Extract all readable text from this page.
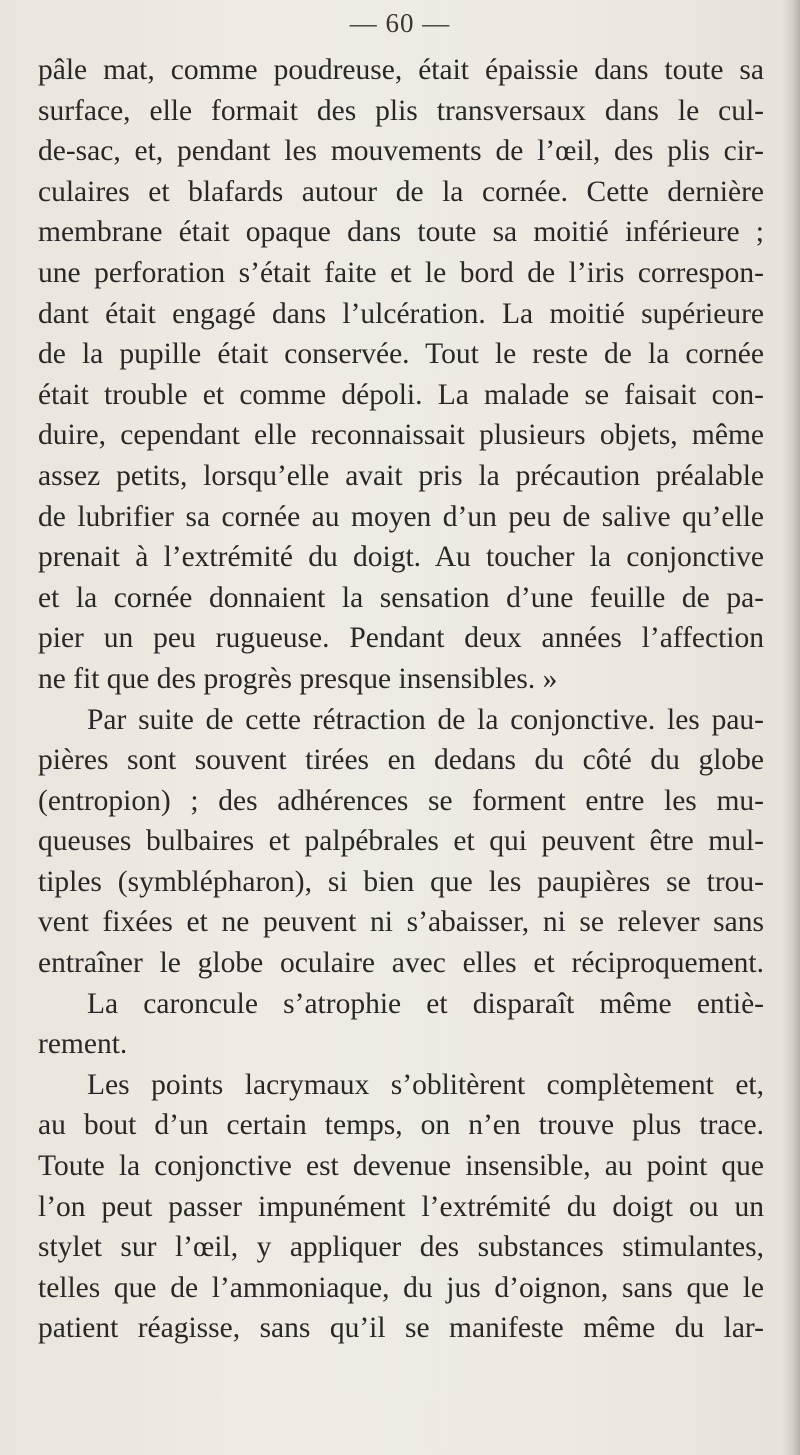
— 60 —
pâle mat, comme poudreuse, était épaissie dans toute sa
surface, elle formait des plis transversaux dans le cul-
de-sac, et, pendant les mouvements de l’œil, des plis cir-
culaires et blafards autour de la cornée. Cette dernière
membrane était opaque dans toute sa moitié inférieure ;
une perforation s’était faite et le bord de l’iris correspon-
dant était engagé dans l’ulcération. La moitié supérieure
de la pupille était conservée. Tout le reste de la cornée
était trouble et comme dépoli. La malade se faisait con-
duire, cependant elle reconnaissait plusieurs objets, même
assez petits, lorsqu’elle avait pris la précaution préalable
de lubrifier sa cornée au moyen d’un peu de salive qu’elle
prenait à l’extrémité du doigt. Au toucher la conjonctive
et la cornée donnaient la sensation d’une feuille de pa-
pier un peu rugueuse. Pendant deux années l’affection
ne fit que des progrès presque insensibles. »
Par suite de cette rétraction de la conjonctive. les pau-
pières sont souvent tirées en dedans du côté du globe
(entropion) ; des adhérences se forment entre les mu-
queuses bulbaires et palpébrales et qui peuvent être mul-
tiples (symblépharon), si bien que les paupières se trou-
vent fixées et ne peuvent ni s’abaisser, ni se relever sans
entraîner le globe oculaire avec elles et réciproquement.
La caroncule s’atrophie et disparaît même entiè-
rement.
Les points lacrymaux s’oblitèrent complètement et,
au bout d’un certain temps, on n’en trouve plus trace.
Toute la conjonctive est devenue insensible, au point que
l’on peut passer impunément l’extrémité du doigt ou un
stylet sur l’œil, y appliquer des substances stimulantes,
telles que de l’ammoniaque, du jus d’oignon, sans que le
patient réagisse, sans qu’il se manifeste même du lar-
